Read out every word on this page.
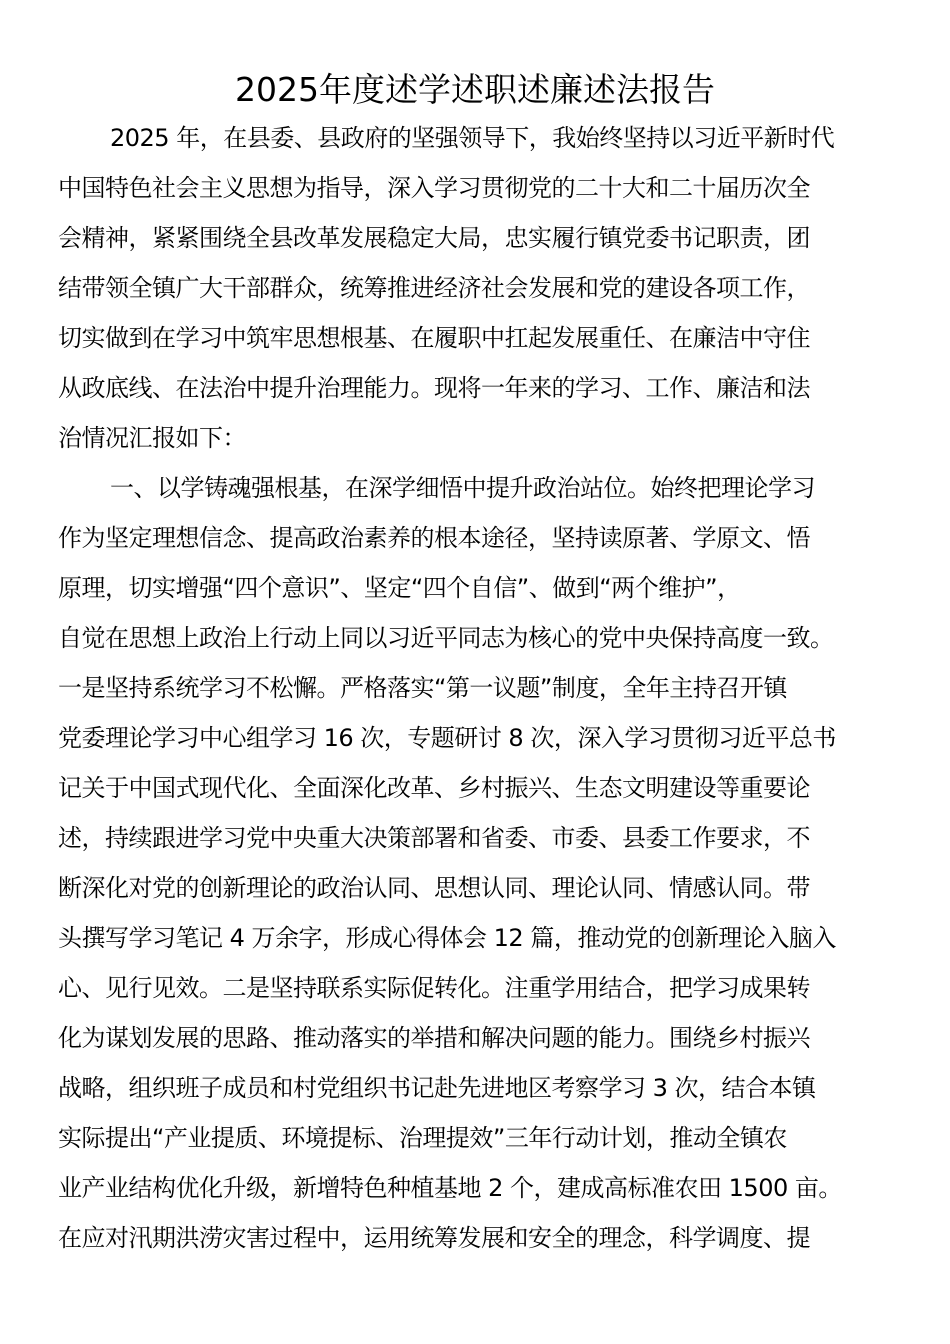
2025年度述学述职述廉述法报告
2025 年，在县委、县政府的坚强领导下，我始终坚持以习近平新时代
中国特色社会主义思想为指导，深入学习贯彻党的二十大和二十届历次全
会精神，紧紧围绕全县改革发展稳定大局，忠实履行镇党委书记职责，团
结带领全镇广大干部群众，统筹推进经济社会发展和党的建设各项工作，
切实做到在学习中筑牢思想根基、在履职中扛起发展重任、在廉洁中守住
从政底线、在法治中提升治理能力。现将一年来的学习、工作、廉洁和法
治情况汇报如下：
一、以学铸魂强根基，在深学细悟中提升政治站位。始终把理论学习
作为坚定理想信念、提高政治素养的根本途径，坚持读原著、学原文、悟
原理，切实增强“四个意识”、坚定“四个自信”、做到“两个维护”，
自觉在思想上政治上行动上同以习近平同志为核心的党中央保持高度一致。
一是坚持系统学习不松懈。严格落实“第一议题”制度，全年主持召开镇
党委理论学习中心组学习 16 次，专题研讨 8 次，深入学习贯彻习近平总书
记关于中国式现代化、全面深化改革、乡村振兴、生态文明建设等重要论
述，持续跟进学习党中央重大决策部署和省委、市委、县委工作要求，不
断深化对党的创新理论的政治认同、思想认同、理论认同、情感认同。带
头撰写学习笔记 4 万余字，形成心得体会 12 篇，推动党的创新理论入脑入
心、见行见效。二是坚持联系实际促转化。注重学用结合，把学习成果转
化为谋划发展的思路、推动落实的举措和解决问题的能力。围绕乡村振兴
战略，组织班子成员和村党组织书记赴先进地区考察学习 3 次，结合本镇
实际提出“产业提质、环境提标、治理提效”三年行动计划，推动全镇农
业产业结构优化升级，新增特色种植基地 2 个，建成高标准农田 1500 亩。
在应对汛期洪涝灾害过程中，运用统筹发展和安全的理念，科学调度、提
